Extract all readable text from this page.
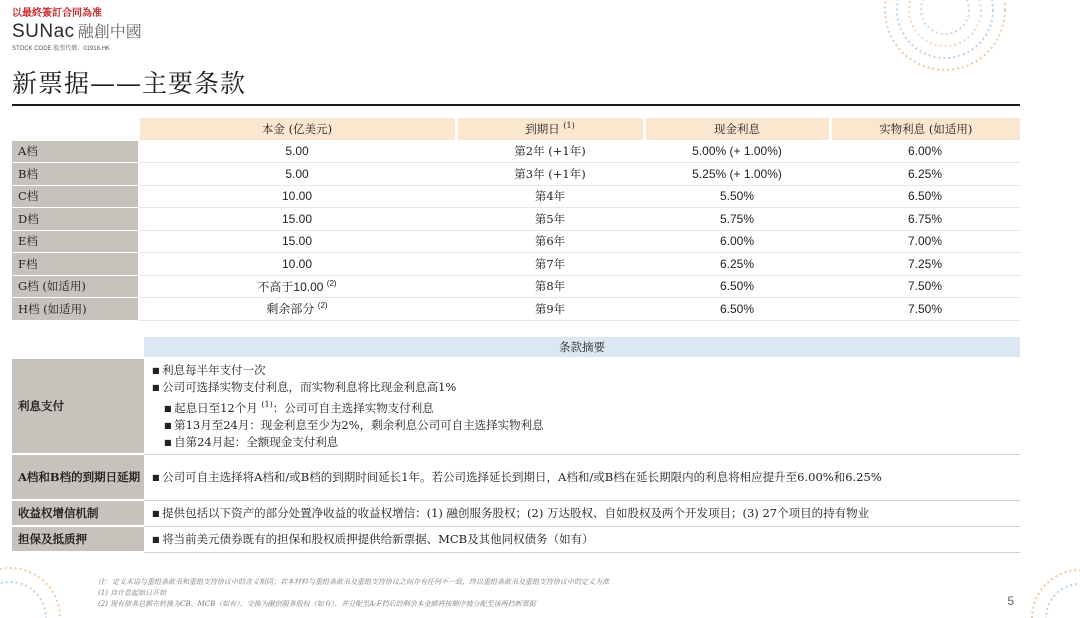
以最終簽訂合同為准
SUNac 融創中國
STOCK CODE 股票代碼：01918.HK
新票据——主要条款
	本金 (亿美元)	到期日 $^{(1)}$	现金利息	实物利息 (如适用)
A档	5.00	第2年 (+1年)	5.00% (+ 1.00%)	6.00%
B档	5.00	第3年 (+1年)	5.25% (+ 1.00%)	6.25%
C档	10.00	第4年	5.50%	6.50%
D档	15.00	第5年	5.75%	6.75%
E档	15.00	第6年	6.00%	7.00%
F档	10.00	第7年	6.25%	7.25%
G档 (如适用)	不高于10.00 $^{(2)}$	第8年	6.50%	7.50%
H档 (如适用)	剩余部分 $^{(2)}$	第9年	6.50%	7.50%
	条款摘要
利息支付	■ 利息每半年支付一次
■ 公司可选择实物支付利息，而实物利息将比现金利息高1%
■ 起息日至12个月 $^{(1)}$：公司可自主选择实物支付利息
■ 第13月至24月：现金利息至少为2%，剩余利息公司可自主选择实物利息
■ 自第24月起：全额现金支付利息

A档和B档的到期日延期	■ 公司可自主选择将A档和/或B档的到期时间延长1年。若公司选择延长到期日，A档和/或B档在延长期限内的利息将相应提升至6.00%和6.25%

收益权增信机制	■ 提供包括以下资产的部分处置净收益的收益权增信：(1) 融创服务股权；(2) 万达股权、自如股权及两个开发项目；(3) 27个项目的持有物业

担保及抵质押	■ 将当前美元债券既有的担保和股权质押提供给新票据、MCB及其他同权债务（如有）
注：定义术语与重组条款书和重组支持协议中的含义相同；若本材料与重组条款书及重组支持协议之间存有任何不一致，终以重组条款书及重组支持协议中的定义为准
(1) 自计息起始日开始
(2) 现有债务总额在转换为CB、MCB（如有）、交换为融创服务股权（如有）、并分配至A-F档后的剩余本金额将按顺序被分配至该两档新票据	5
